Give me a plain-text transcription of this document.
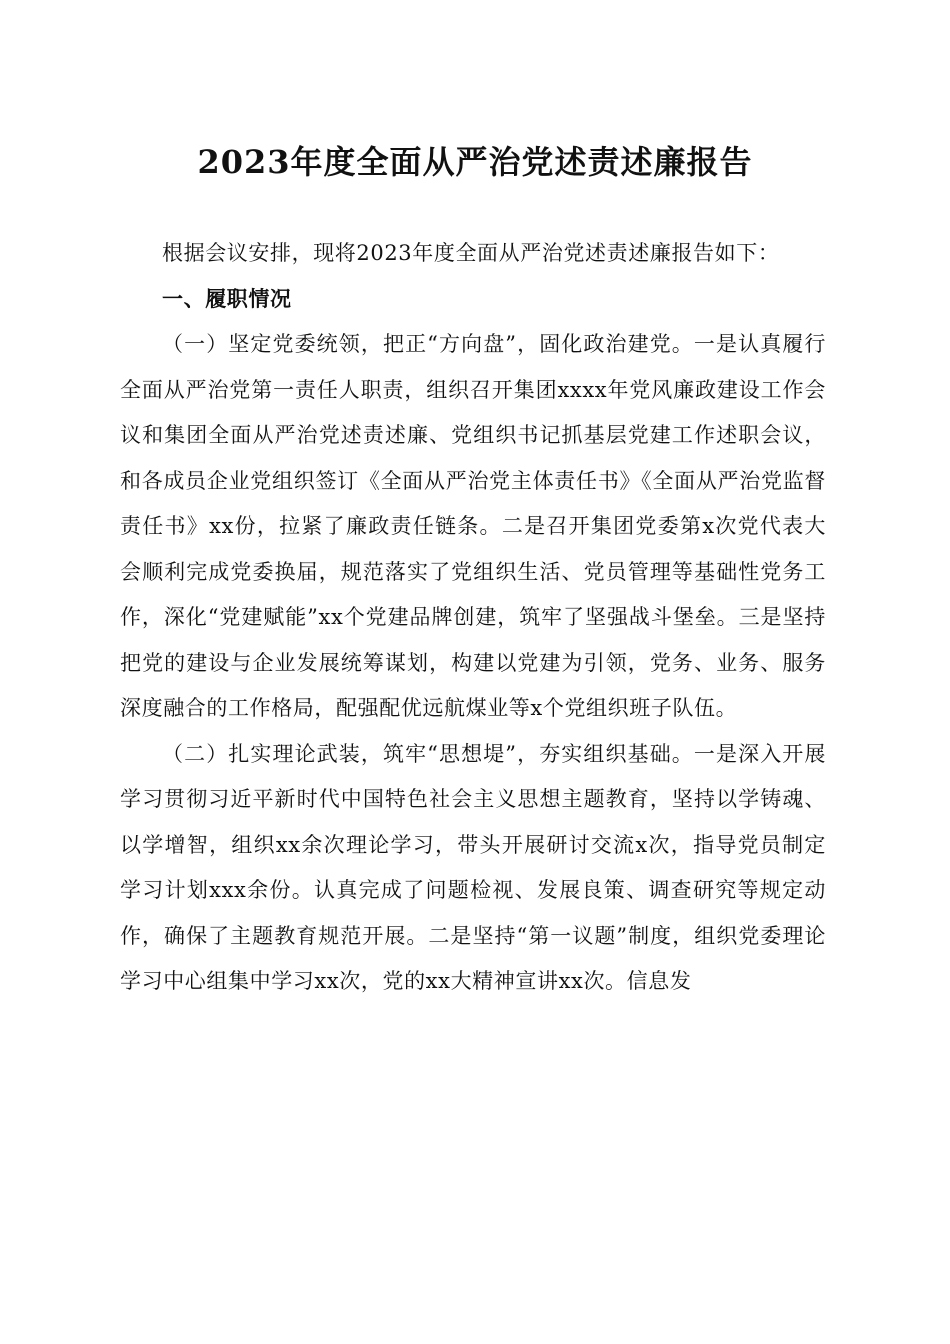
2023年度全面从严治党述责述廉报告

根据会议安排，现将2023年度全面从严治党述责述廉报告如下：

一、履职情况

（一）坚定党委统领，把正“方向盘”，固化政治建党。一是认真履行全面从严治党第一责任人职责，组织召开集团xxxx年党风廉政建设工作会议和集团全面从严治党述责述廉、党组织书记抓基层党建工作述职会议，和各成员企业党组织签订《全面从严治党主体责任书》《全面从严治党监督责任书》xx份，拉紧了廉政责任链条。二是召开集团党委第x次党代表大会顺利完成党委换届，规范落实了党组织生活、党员管理等基础性党务工作，深化“党建赋能”xx个党建品牌创建，筑牢了坚强战斗堡垒。三是坚持把党的建设与企业发展统筹谋划，构建以党建为引领，党务、业务、服务深度融合的工作格局，配强配优远航煤业等x个党组织班子队伍。

（二）扎实理论武装，筑牢“思想堤”，夯实组织基础。一是深入开展学习贯彻习近平新时代中国特色社会主义思想主题教育，坚持以学铸魂、以学增智，组织xx余次理论学习，带头开展研讨交流x次，指导党员制定学习计划xxx余份。认真完成了问题检视、发展良策、调查研究等规定动作，确保了主题教育规范开展。二是坚持“第一议题”制度，组织党委理论学习中心组集中学习xx次，党的xx大精神宣讲xx次。信息发
